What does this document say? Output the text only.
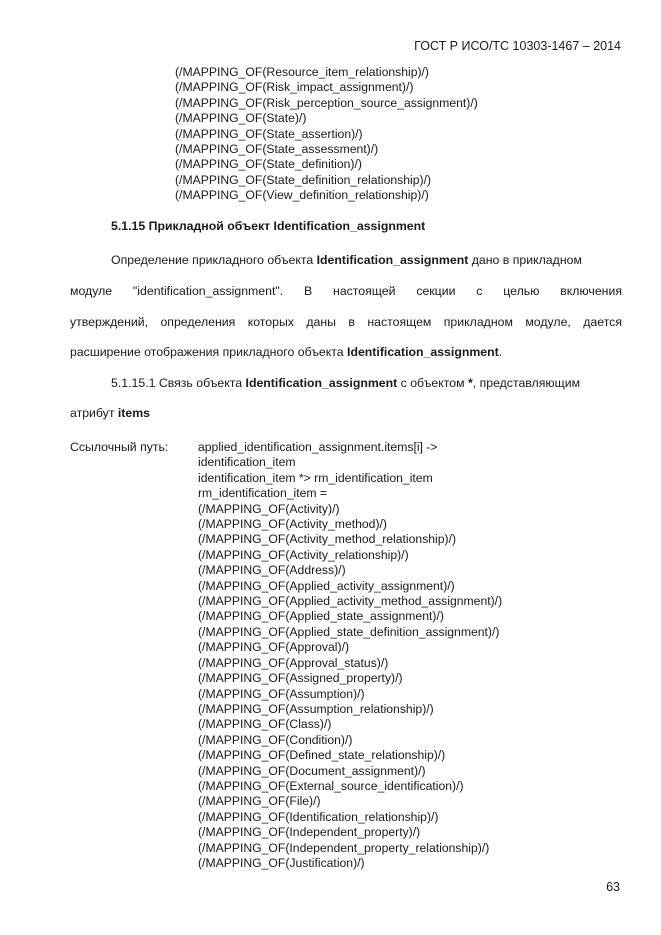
ГОСТ Р ИСО/ТС 10303-1467 – 2014
(/MAPPING_OF(Resource_item_relationship)/)
(/MAPPING_OF(Risk_impact_assignment)/)
(/MAPPING_OF(Risk_perception_source_assignment)/)
(/MAPPING_OF(State)/)
(/MAPPING_OF(State_assertion)/)
(/MAPPING_OF(State_assessment)/)
(/MAPPING_OF(State_definition)/)
(/MAPPING_OF(State_definition_relationship)/)
(/MAPPING_OF(View_definition_relationship)/)
5.1.15 Прикладной объект Identification_assignment
Определение прикладного объекта Identification_assignment дано в прикладном
модуле "identification_assignment". В настоящей секции с целью включения
утверждений, определения которых даны в настоящем прикладном модуле, дается
расширение отображения прикладного объекта Identification_assignment.
5.1.15.1 Связь объекта Identification_assignment с объектом *, представляющим
атрибут items
Ссылочный путь: applied_identification_assignment.items[i] ->
identification_item
identification_item *> rm_identification_item
rm_identification_item =
(/MAPPING_OF(Activity)/)
(/MAPPING_OF(Activity_method)/)
(/MAPPING_OF(Activity_method_relationship)/)
(/MAPPING_OF(Activity_relationship)/)
(/MAPPING_OF(Address)/)
(/MAPPING_OF(Applied_activity_assignment)/)
(/MAPPING_OF(Applied_activity_method_assignment)/)
(/MAPPING_OF(Applied_state_assignment)/)
(/MAPPING_OF(Applied_state_definition_assignment)/)
(/MAPPING_OF(Approval)/)
(/MAPPING_OF(Approval_status)/)
(/MAPPING_OF(Assigned_property)/)
(/MAPPING_OF(Assumption)/)
(/MAPPING_OF(Assumption_relationship)/)
(/MAPPING_OF(Class)/)
(/MAPPING_OF(Condition)/)
(/MAPPING_OF(Defined_state_relationship)/)
(/MAPPING_OF(Document_assignment)/)
(/MAPPING_OF(External_source_identification)/)
(/MAPPING_OF(File)/)
(/MAPPING_OF(Identification_relationship)/)
(/MAPPING_OF(Independent_property)/)
(/MAPPING_OF(Independent_property_relationship)/)
(/MAPPING_OF(Justification)/)
63
